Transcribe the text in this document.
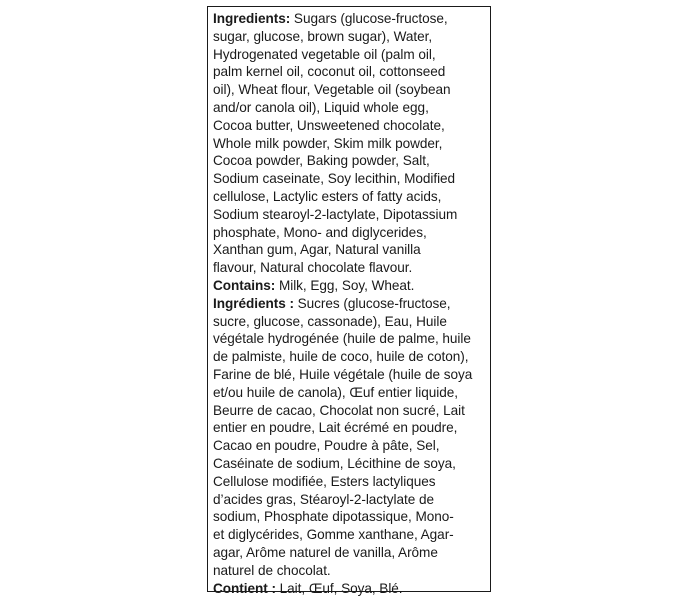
Ingredients: Sugars (glucose-fructose,
sugar, glucose, brown sugar), Water,
Hydrogenated vegetable oil (palm oil,
palm kernel oil, coconut oil, cottonseed
oil), Wheat flour, Vegetable oil (soybean
and/or canola oil), Liquid whole egg,
Cocoa butter, Unsweetened chocolate,
Whole milk powder, Skim milk powder,
Cocoa powder, Baking powder, Salt,
Sodium caseinate, Soy lecithin, Modified
cellulose, Lactylic esters of fatty acids,
Sodium stearoyl-2-lactylate, Dipotassium
phosphate, Mono- and diglycerides,
Xanthan gum, Agar, Natural vanilla
flavour, Natural chocolate flavour.

Contains: Milk, Egg, Soy, Wheat.

Ingrédients : Sucres (glucose-fructose,
sucre, glucose, cassonade), Eau, Huile
végétale hydrogénée (huile de palme, huile
de palmiste, huile de coco, huile de coton),
Farine de blé, Huile végétale (huile de soya
et/ou huile de canola), Œuf entier liquide,
Beurre de cacao, Chocolat non sucré, Lait
entier en poudre, Lait écrémé en poudre,
Cacao en poudre, Poudre à pâte, Sel,
Caséinate de sodium, Lécithine de soya,
Cellulose modifiée, Esters lactyliques
d’acides gras, Stéaroyl-2-lactylate de
sodium, Phosphate dipotassique, Mono-
et diglycérides, Gomme xanthane, Agar-
agar, Arôme naturel de vanilla, Arôme
naturel de chocolat.

Contient : Lait, Œuf, Soya, Blé.
